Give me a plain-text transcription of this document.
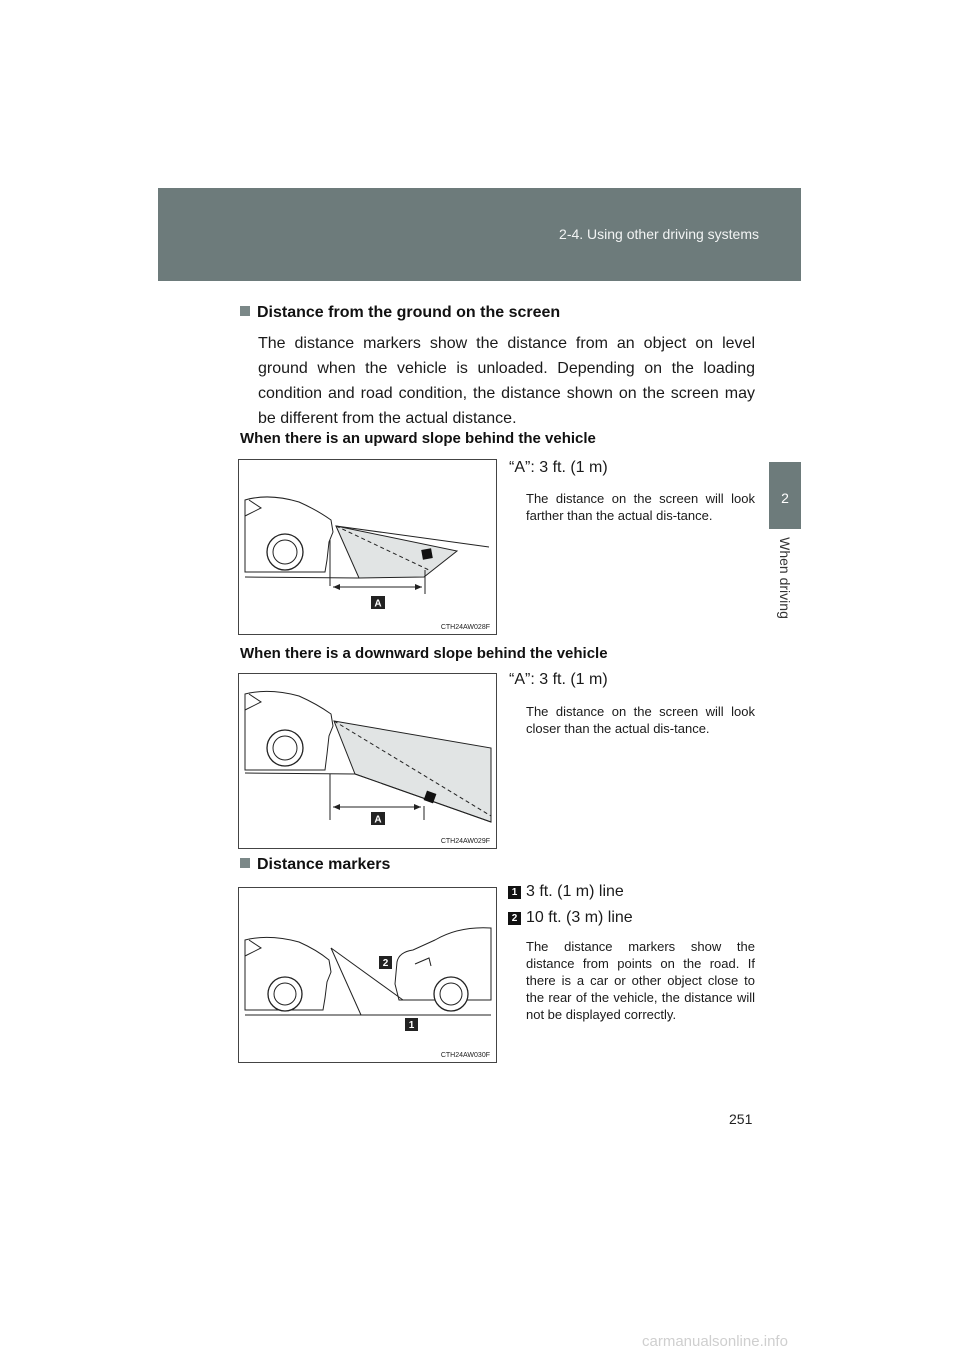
2-4. Using other driving systems
2
When driving
Distance from the ground on the screen
The distance markers show the distance from an object on level ground when the vehicle is unloaded. Depending on the loading condition and road condition, the distance shown on the screen may be different from the actual distance.
When there is an upward slope behind the vehicle
A
CTH24AW028F
“A”: 3 ft. (1 m)
The distance on the screen will look farther than the actual dis-tance.
When there is a downward slope behind the vehicle
A
CTH24AW029F
“A”: 3 ft. (1 m)
The distance on the screen will look closer than the actual dis-tance.
Distance markers
2
1
CTH24AW030F
1 3 ft. (1 m) line
2 10 ft. (3 m) line
The distance markers show the distance from points on the road. If there is a car or other object close to the rear of the vehicle, the distance will not be displayed correctly.
251
carmanualsonline.info
